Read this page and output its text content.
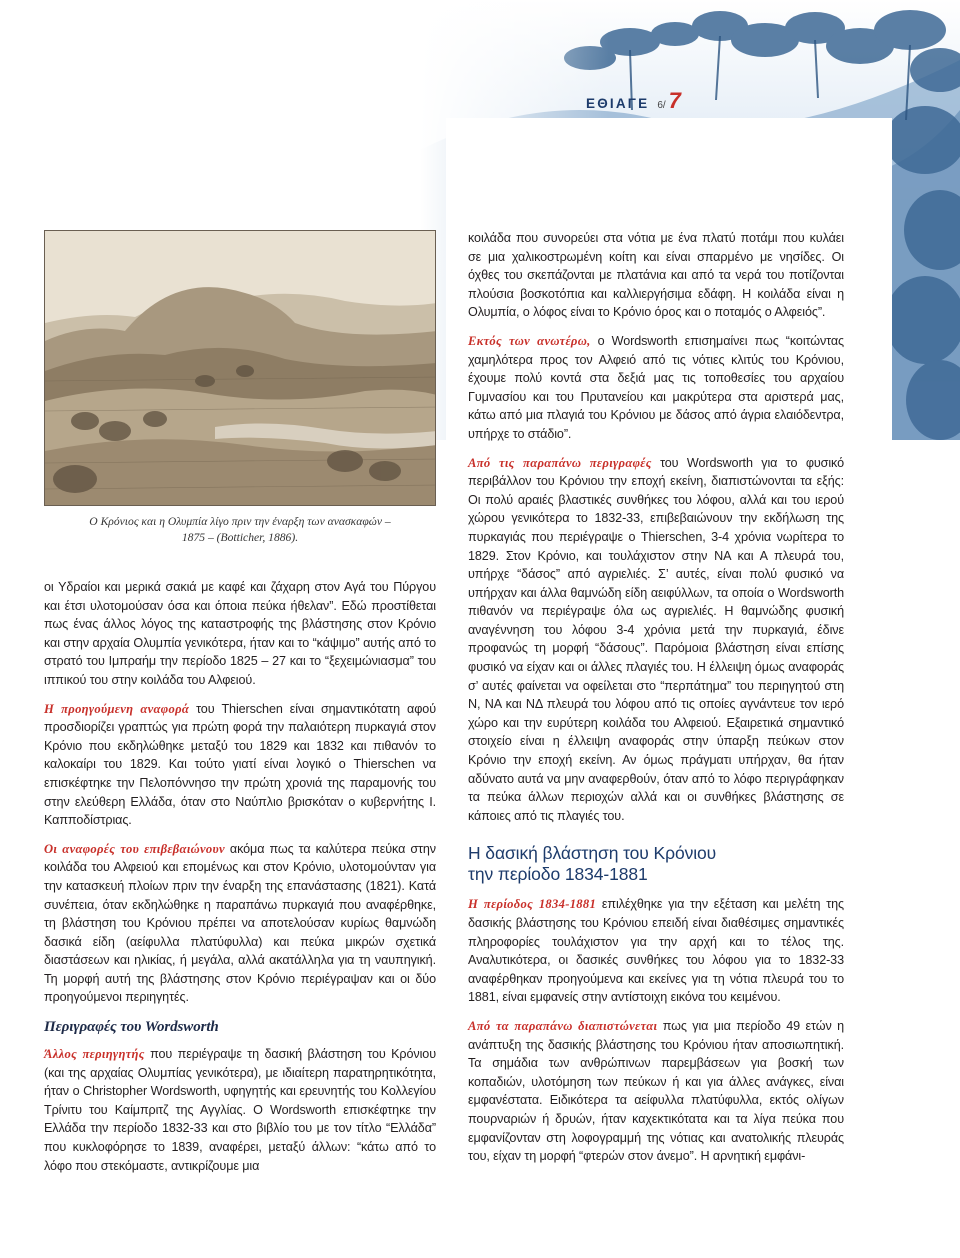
ΕΘΙΑΓΕ 6/ 7
Ο Κρόνιος και η Ολυμπία λίγο πριν την έναρξη των ανασκαφών –
1875 – (Botticher, 1886).

οι Υδραίοι και μερικά σακιά με καφέ και ζάχαρη στον Αγά του Πύργου και έτσι υλοτομούσαν όσα και όποια πεύκα ήθελαν”. Εδώ προστίθεται πως ένας άλλος λόγος της καταστροφής της βλάστησης στον Κρόνιο και στην αρχαία Ολυμπία γενικότερα, ήταν και το “κάψιμο” αυτής από το στρατό του Ιμπραήμ την περίοδο 1825 – 27 και το “ξεχειμώνιασμα” του ιππικού του στην κοιλάδα του Αλφειού.

Η προηγούμενη αναφορά του Thierschen είναι σημαντικότατη αφού προσδιορίζει γραπτώς για πρώτη φορά την παλαιότερη πυρκαγιά στον Κρόνιο που εκδηλώθηκε μεταξύ του 1829 και 1832 και πιθανόν το καλοκαίρι του 1829. Και τούτο γιατί είναι λογικό ο Thierschen να επισκέφτηκε την Πελοπόννησο την πρώτη χρονιά της παραμονής του στην ελεύθερη Ελλάδα, όταν στο Ναύπλιο βρισκόταν ο κυβερνήτης Ι. Καπποδίστριας.

Οι αναφορές του επιβεβαιώνουν ακόμα πως τα καλύτερα πεύκα στην κοιλάδα του Αλφειού και επομένως και στον Κρόνιο, υλοτομούνταν για την κατασκευή πλοίων πριν την έναρξη της επανάστασης (1821). Κατά συνέπεια, όταν εκδηλώθηκε η παραπάνω πυρκαγιά που αναφέρθηκε, τη βλάστηση του Κρόνιου πρέπει να αποτελούσαν κυρίως θαμνώδη δασικά είδη (αείφυλλα πλατύφυλλα) και πεύκα μικρών σχετικά διαστάσεων και ηλικίας, ή μεγάλα, αλλά ακατάλληλα για τη ναυπηγική. Τη μορφή αυτή της βλάστησης στον Κρόνιο περιέγραψαν και οι δύο προηγούμενοι περιηγητές.

Περιγραφές του Wordsworth

Άλλος περιηγητής που περιέγραψε τη δασική βλάστηση του Κρόνιου (και της αρχαίας Ολυμπίας γενικότερα), με ιδιαίτερη παρατηρητικότητα, ήταν ο Christopher Wordsworth, υφηγητής και ερευνητής του Κολλεγίου Τρίνιτυ του Καίμπριτζ της Αγγλίας. Ο Wordsworth επισκέφτηκε την Ελλάδα την περίοδο 1832-33 και στο βιβλίο του με τον τίτλο “Ελλάδα” που κυκλοφόρησε το 1839, αναφέρει, μεταξύ άλλων: “κάτω από το λόφο που στεκόμαστε, αντικρίζουμε μια

κοιλάδα που συνορεύει στα νότια με ένα πλατύ ποτάμι που κυλάει σε μια χαλικοστρωμένη κοίτη και είναι σπαρμένο με νησίδες. Οι όχθες του σκεπάζονται με πλατάνια και από τα νερά του ποτίζονται πλούσια βοσκοτόπια και καλλιεργήσιμα εδάφη. Η κοιλάδα είναι η Ολυμπία, ο λόφος είναι το Κρόνιο όρος και ο ποταμός ο Αλφειός”.

Εκτός των ανωτέρω, ο Wordsworth επισημαίνει πως “κοιτώντας χαμηλότερα προς τον Αλφειό από τις νότιες κλιτύς του Κρόνιου, έχουμε πολύ κοντά στα δεξιά μας τις τοποθεσίες του αρχαίου Γυμνασίου και του Πρυτανείου και μακρύτερα στα αριστερά μας, κάτω από μια πλαγιά του Κρόνιου με δάσος από άγρια ελαιόδεντρα, υπήρχε το στάδιο”.

Από τις παραπάνω περιγραφές του Wordsworth για το φυσικό περιβάλλον του Κρόνιου την εποχή εκείνη, διαπιστώνονται τα εξής: Οι πολύ αραιές βλαστικές συνθήκες του λόφου, αλλά και του ιερού χώρου γενικότερα το 1832-33, επιβεβαιώνουν την εκδήλωση της πυρκαγιάς που περιέγραψε ο Thierschen, 3-4 χρόνια νωρίτερα το 1829. Στον Κρόνιο, και τουλάχιστον στην ΝΑ και Α πλευρά του, υπήρχε “δάσος” από αγριελιές. Σ’ αυτές, είναι πολύ φυσικό να υπήρχαν και άλλα θαμνώδη είδη αειφύλλων, τα οποία ο Wordsworth πιθανόν να περιέγραψε όλα ως αγριελιές. Η θαμνώδης φυσική αναγέννηση του λόφου 3-4 χρόνια μετά την πυρκαγιά, έδινε προφανώς τη μορφή “δάσους”. Παρόμοια βλάστηση είναι επίσης φυσικό να είχαν και οι άλλες πλαγιές του. Η έλλειψη όμως αναφοράς σ’ αυτές φαίνεται να οφείλεται στο “περπάτημα” του περιηγητού στη Ν, ΝΑ και ΝΔ πλευρά του λόφου από τις οποίες αγνάντευε τον ιερό χώρο και την ευρύτερη κοιλάδα του Αλφειού. Εξαιρετικά σημαντικό στοιχείο είναι η έλλειψη αναφοράς στην ύπαρξη πεύκων στον Κρόνιο την εποχή εκείνη. Αν όμως πράγματι υπήρχαν, θα ήταν αδύνατο αυτά να μην αναφερθούν, όταν από το λόφο περιγράφηκαν τα πεύκα άλλων περιοχών αλλά και οι συνθήκες βλάστησης σε κάποιες από τις πλαγιές του.

Η δασική βλάστηση του Κρόνιου
την περίοδο 1834-1881

Η περίοδος 1834-1881 επιλέχθηκε για την εξέταση και μελέτη της δασικής βλάστησης του Κρόνιου επειδή είναι διαθέσιμες σημαντικές πληροφορίες τουλάχιστον για την αρχή και το τέλος της. Αναλυτικότερα, οι δασικές συνθήκες του λόφου για το 1832-33 αναφέρθηκαν προηγούμενα και εκείνες για τη νότια πλευρά του το 1881, είναι εμφανείς στην αντίστοιχη εικόνα του κειμένου.

Από τα παραπάνω διαπιστώνεται πως για μια περίοδο 49 ετών η ανάπτυξη της δασικής βλάστησης του Κρόνιου ήταν αποσιωπητική. Τα σημάδια των ανθρώπινων παρεμβάσεων για βοσκή των κοπαδιών, υλοτόμηση των πεύκων ή και για άλλες ανάγκες, είναι εμφανέστατα. Ειδικότερα τα αείφυλλα πλατύφυλλα, εκτός ολίγων πουρναριών ή δρυών, ήταν καχεκτικότατα και τα λίγα πεύκα που εμφανίζονταν στη λοφογραμμή της νότιας και ανατολικής πλευράς του, είχαν τη μορφή “φτερών στον άνεμο”. Η αρνητική εμφάνι-
